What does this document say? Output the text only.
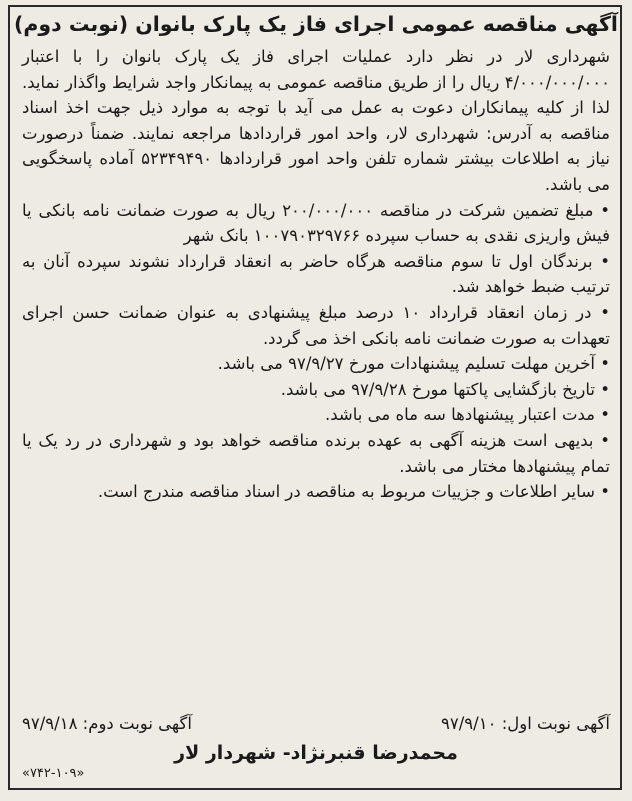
آگهی مناقصه عمومی اجرای فاز یک پارک بانوان (نوبت دوم)

شهرداری لار در نظر دارد عملیات اجرای فاز یک پارک بانوان را با اعتبار ۴/۰۰۰/۰۰۰/۰۰۰ ریال را از طریق مناقصه عمومی به پیمانکار واجد شرایط واگذار نماید. لذا از کلیه پیمانکاران دعوت به عمل می آید با توجه به موارد ذیل جهت اخذ اسناد مناقصه به آدرس: شهرداری لار، واحد امور قراردادها مراجعه نمایند. ضمناً درصورت نیاز به اطلاعات بیشتر شماره تلفن واحد امور قراردادها ۵۲۳۴۹۴۹۰ آماده پاسخگویی می باشد.

• مبلغ تضمین شرکت در مناقصه ۲۰۰/۰۰۰/۰۰۰ ریال به صورت ضمانت نامه بانکی یا فیش واریزی نقدی به حساب سپرده ۱۰۰۷۹۰۳۲۹۷۶۶ بانک شهر

• برندگان اول تا سوم مناقصه هرگاه حاضر به انعقاد قرارداد نشوند سپرده آنان به ترتیب ضبط خواهد شد.

• در زمان انعقاد قرارداد ۱۰ درصد مبلغ پیشنهادی به عنوان ضمانت حسن اجرای تعهدات به صورت ضمانت نامه بانکی اخذ می گردد.

• آخرین مهلت تسلیم پیشنهادات مورخ ۹۷/۹/۲۷ می باشد.

• تاریخ بازگشایی پاکتها مورخ ۹۷/۹/۲۸ می باشد.

• مدت اعتبار پیشنهادها سه ماه می باشد.

• بدیهی است هزینه آگهی به عهده برنده مناقصه خواهد بود و شهرداری در رد یک یا تمام پیشنهادها مختار می باشد.

• سایر اطلاعات و جزییات مربوط به مناقصه در اسناد مناقصه مندرج است.

آگهی نوبت اول: ۹۷/۹/۱۰
آگهی نوبت دوم: ۹۷/۹/۱۸
محمدرضا قنبرنژاد- شهردار لار
«۷۴۲-۱۰۹»
